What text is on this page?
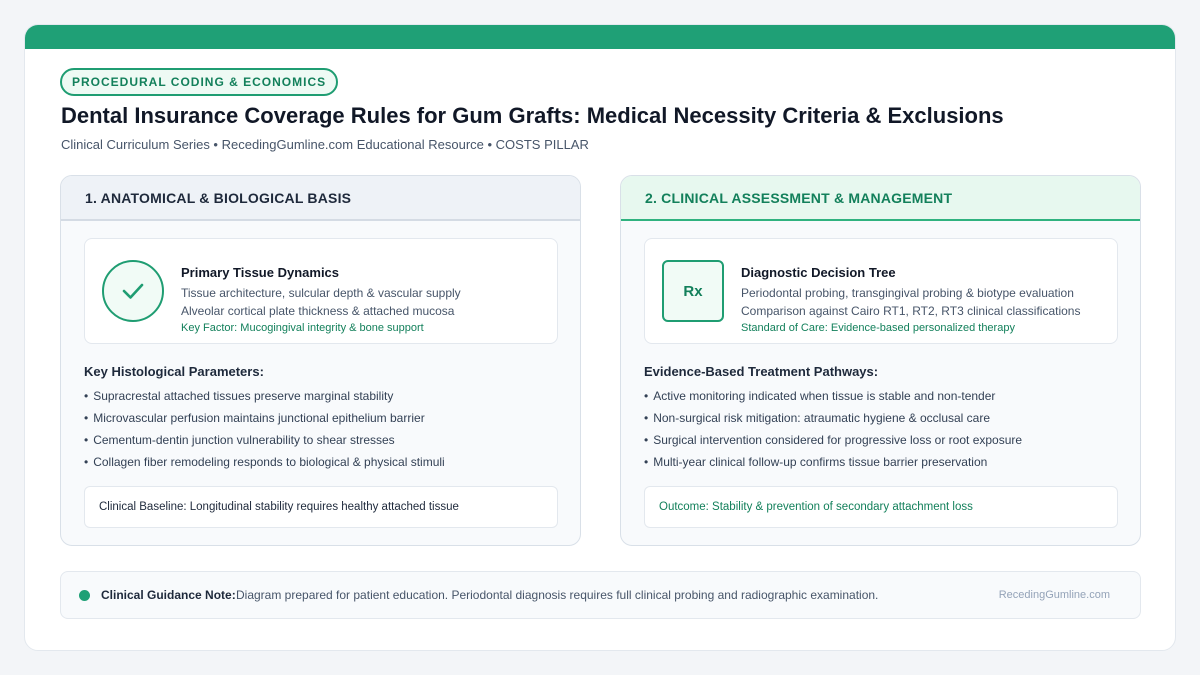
PROCEDURAL CODING & ECONOMICS
Dental Insurance Coverage Rules for Gum Grafts: Medical Necessity Criteria & Exclusions
Clinical Curriculum Series • RecedingGumline.com Educational Resource • COSTS PILLAR
1. ANATOMICAL & BIOLOGICAL BASIS
Primary Tissue Dynamics
Tissue architecture, sulcular depth & vascular supply
Alveolar cortical plate thickness & attached mucosa
Key Factor: Mucogingival integrity & bone support
Key Histological Parameters:
• Supracrestal attached tissues preserve marginal stability
• Microvascular perfusion maintains junctional epithelium barrier
• Cementum-dentin junction vulnerability to shear stresses
• Collagen fiber remodeling responds to biological & physical stimuli
Clinical Baseline: Longitudinal stability requires healthy attached tissue
2. CLINICAL ASSESSMENT & MANAGEMENT
Rx
Diagnostic Decision Tree
Periodontal probing, transgingival probing & biotype evaluation
Comparison against Cairo RT1, RT2, RT3 clinical classifications
Standard of Care: Evidence-based personalized therapy
Evidence-Based Treatment Pathways:
• Active monitoring indicated when tissue is stable and non-tender
• Non-surgical risk mitigation: atraumatic hygiene & occlusal care
• Surgical intervention considered for progressive loss or root exposure
• Multi-year clinical follow-up confirms tissue barrier preservation
Outcome: Stability & prevention of secondary attachment loss
Clinical Guidance Note: Diagram prepared for patient education. Periodontal diagnosis requires full clinical probing and radiographic examination.	RecedingGumline.com
